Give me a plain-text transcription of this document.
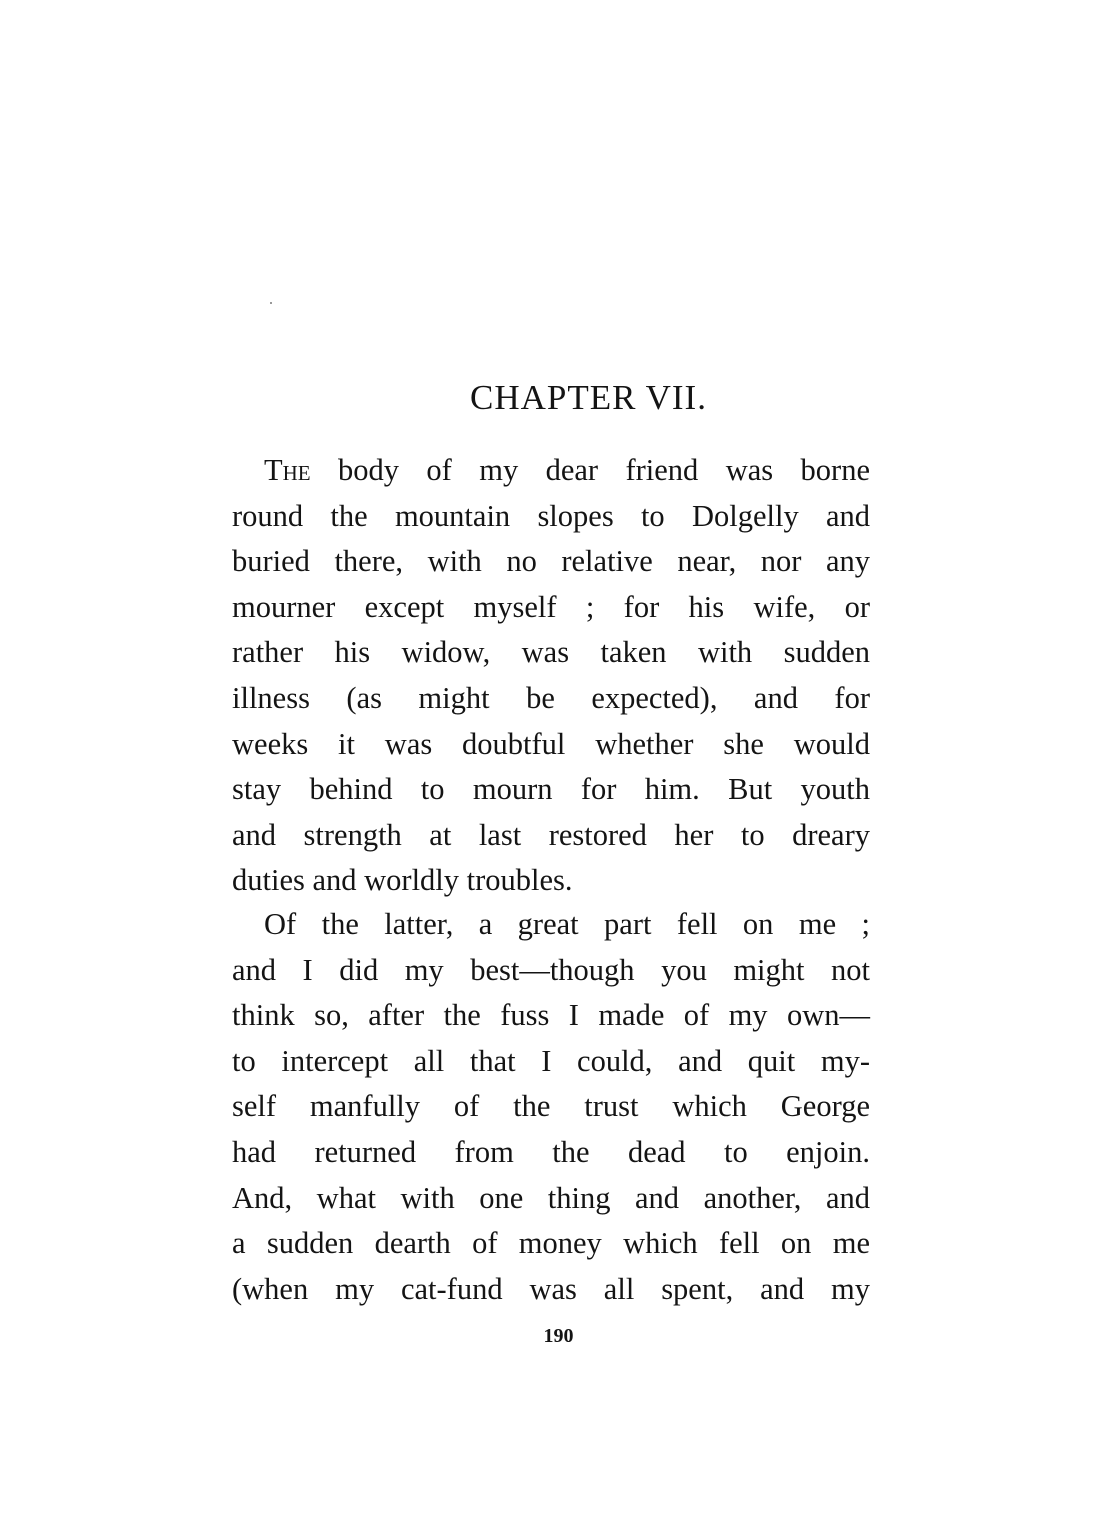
CHAPTER VII.
The body of my dear friend was borne
round the mountain slopes to Dolgelly and
buried there, with no relative near, nor any
mourner except myself ; for his wife, or
rather his widow, was taken with sudden
illness (as might be expected), and for
weeks it was doubtful whether she would
stay behind to mourn for him. But youth
and strength at last restored her to dreary
duties and worldly troubles.
Of the latter, a great part fell on me ;
and I did my best—though you might not
think so, after the fuss I made of my own—
to intercept all that I could, and quit my-
self manfully of the trust which George
had returned from the dead to enjoin.
And, what with one thing and another, and
a sudden dearth of money which fell on me
(when my cat-fund was all spent, and my
190
